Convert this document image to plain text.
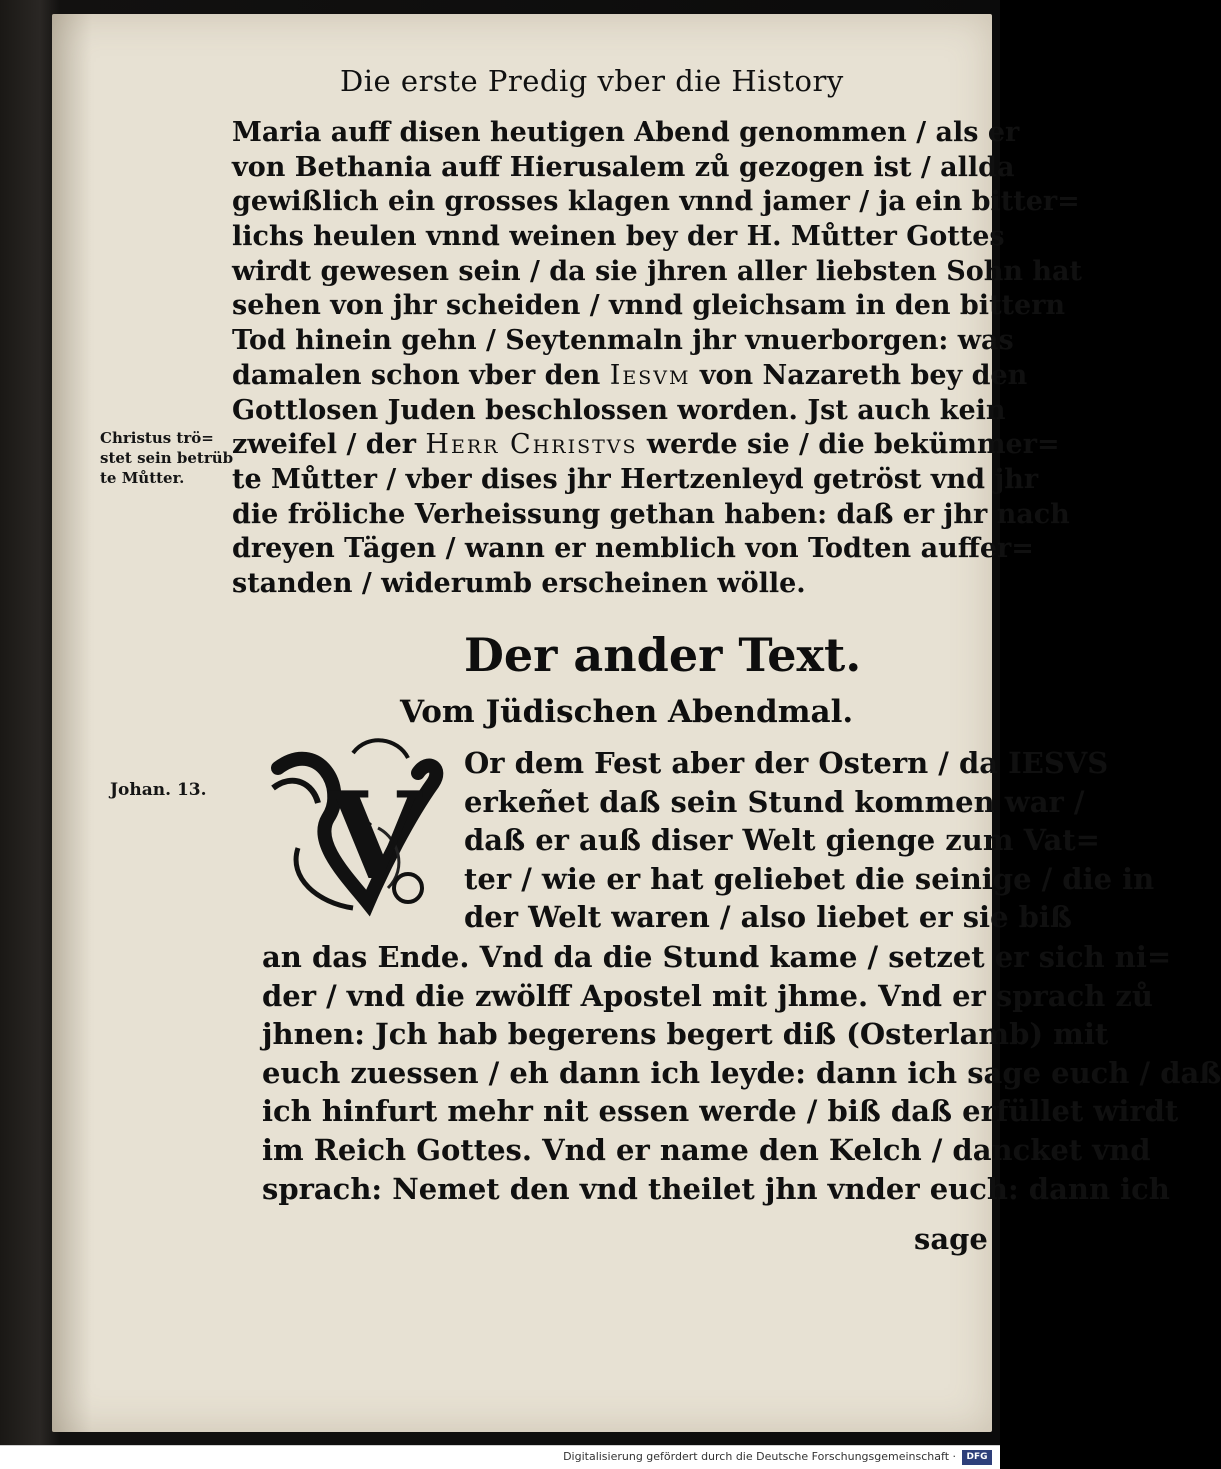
Die erste Predig vber die History
Maria auff disen heutigen Abend genommen / als er
von Bethania auff Hierusalem zů gezogen ist / allda
gewißlich ein grosses klagen vnnd jamer / ja ein bitter=
lichs heulen vnnd weinen bey der H. Můtter Gottes
wirdt gewesen sein / da sie jhren aller liebsten Sohn hat
sehen von jhr scheiden / vnnd gleichsam in den bittern
Tod hinein gehn / Seytenmaln jhr vnuerborgen: was
damalen schon vber den Iesvm von Nazareth bey den
Gottlosen Juden beschlossen worden. Jst auch kein
zweifel / der Herr Christvs werde sie / die bekümmer=
te Můtter / vber dises jhr Hertzenleyd getröst vnd jhr
die fröliche Verheissung gethan haben: daß er jhr nach
dreyen Tägen / wann er nemblich von Todten auffer=
standen / widerumb erscheinen wölle.
Christus trö=
stet sein betrüb
te Můtter.
Der ander Text.
Vom Jüdischen Abendmal.
Johan. 13. V
Or dem Fest aber der Ostern / da IESVS
erkeñet daß sein Stund kommen war /
daß er auß diser Welt gienge zum Vat=
ter / wie er hat geliebet die seinige / die in
der Welt waren / also liebet er sie biß
an das Ende. Vnd da die Stund kame / setzet er sich ni=
der / vnd die zwölff Apostel mit jhme. Vnd er sprach zů
jhnen: Jch hab begerens begert diß (Osterlamb) mit
euch zuessen / eh dann ich leyde: dann ich sage euch / daß
ich hinfurt mehr nit essen werde / biß daß erfüllet wirdt
im Reich Gottes. Vnd er name den Kelch / dancket vnd
sprach: Nemet den vnd theilet jhn vnder euch: dann ich
sage
Digitalisierung gefördert durch die Deutsche Forschungsgemeinschaft ·	DFG
